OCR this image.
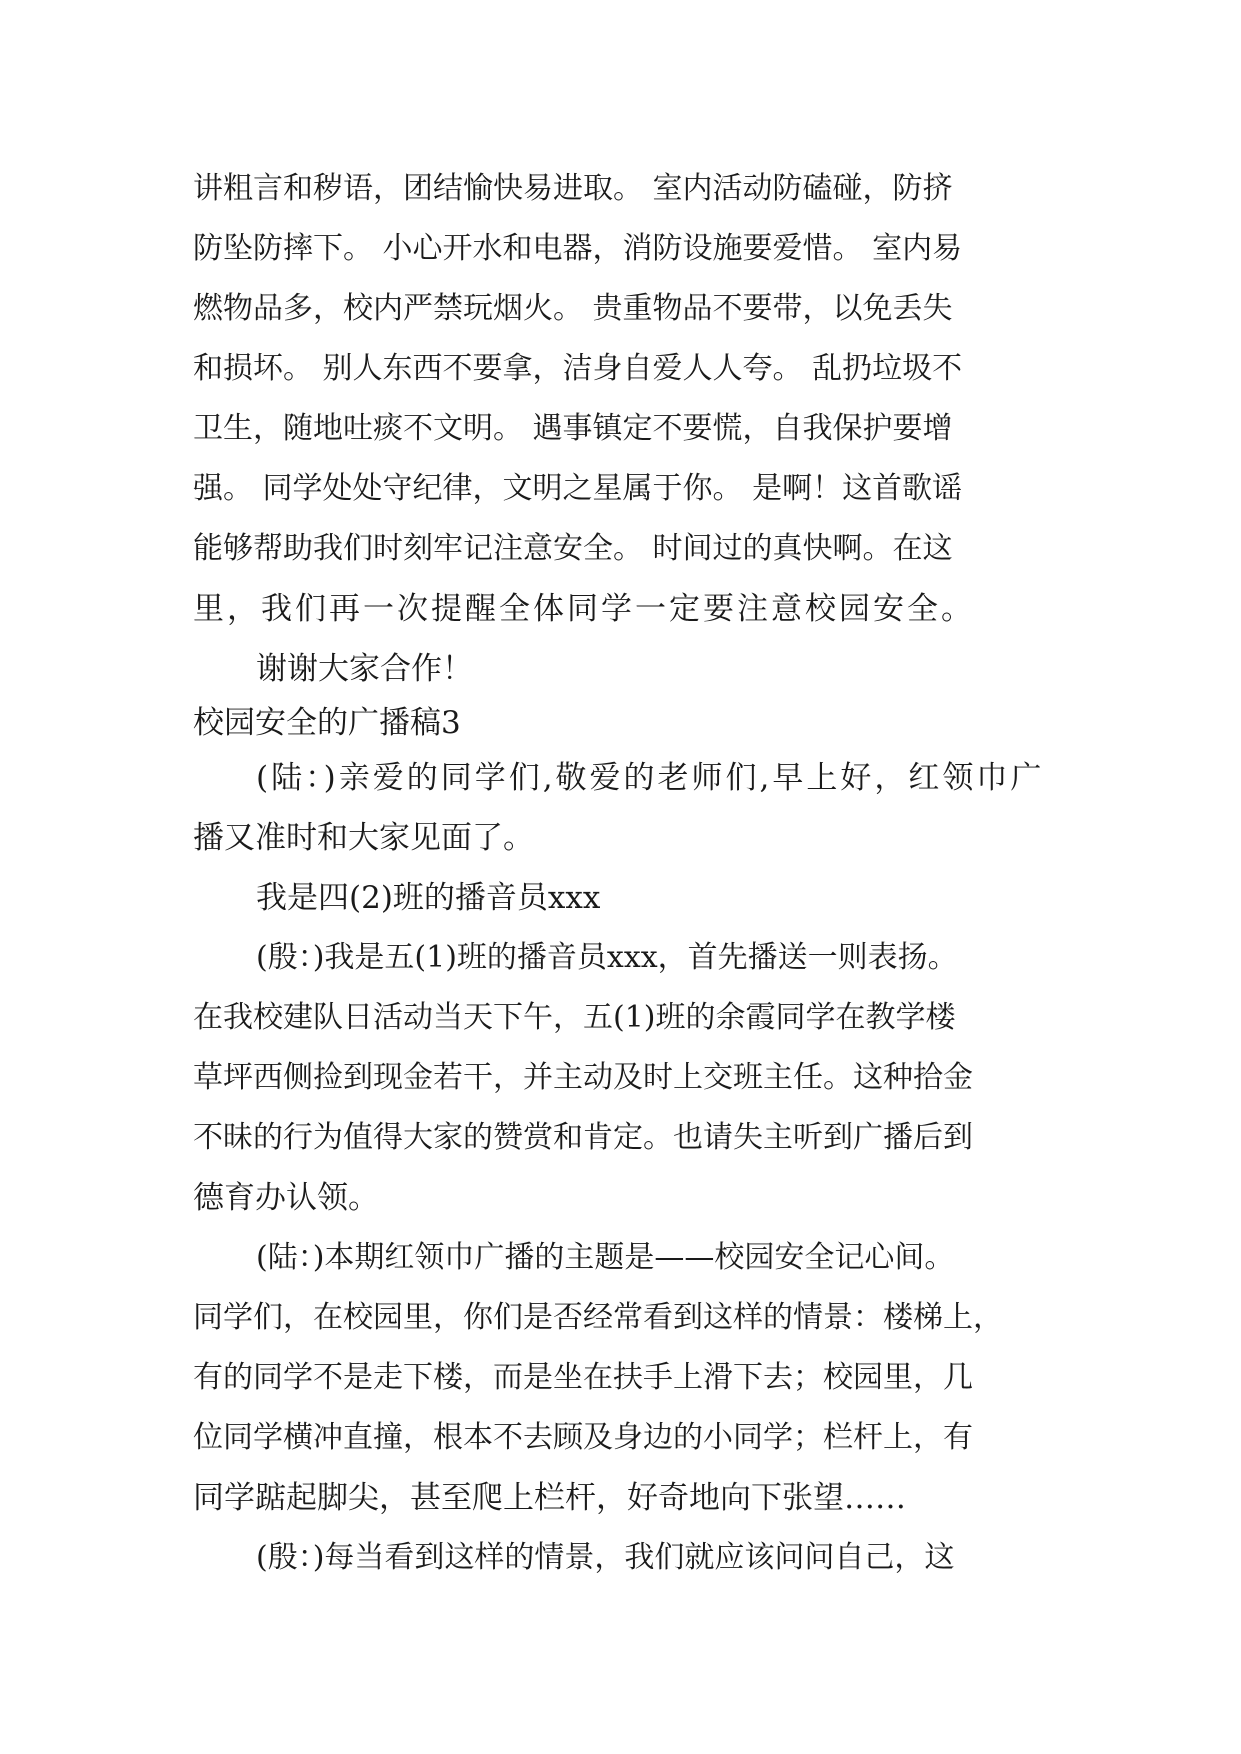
讲粗言和秽语，团结愉快易进取。 室内活动防磕碰，防挤
防坠防摔下。 小心开水和电器，消防设施要爱惜。 室内易
燃物品多，校内严禁玩烟火。 贵重物品不要带，以免丢失
和损坏。 别人东西不要拿，洁身自爱人人夸。 乱扔垃圾不
卫生，随地吐痰不文明。 遇事镇定不要慌，自我保护要增
强。 同学处处守纪律，文明之星属于你。 是啊！这首歌谣
能够帮助我们时刻牢记注意安全。 时间过的真快啊。在这
里，我们再一次提醒全体同学一定要注意校园安全。
谢谢大家合作！
校园安全的广播稿3
(陆：)亲爱的同学们,敬爱的老师们,早上好，红领巾广
播又准时和大家见面了。
我是四(2)班的播音员xxx
(殷：)我是五(1)班的播音员xxx，首先播送一则表扬。
在我校建队日活动当天下午，五(1)班的余霞同学在教学楼
草坪西侧捡到现金若干，并主动及时上交班主任。这种拾金
不昧的行为值得大家的赞赏和肯定。也请失主听到广播后到
德育办认领。
(陆：)本期红领巾广播的主题是——校园安全记心间。
同学们，在校园里，你们是否经常看到这样的情景：楼梯上，
有的同学不是走下楼，而是坐在扶手上滑下去；校园里，几
位同学横冲直撞，根本不去顾及身边的小同学；栏杆上，有
同学踮起脚尖，甚至爬上栏杆，好奇地向下张望……
(殷：)每当看到这样的情景，我们就应该问问自己，这
